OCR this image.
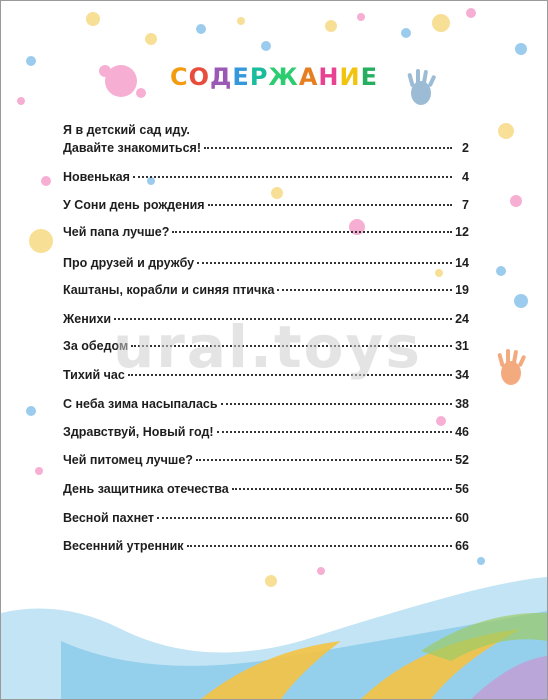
СОДЕРЖАНИЕ
Я в детский сад иду.
Давайте знакомиться!	2
Новенькая	4
У Сони день рождения	7
Чей папа лучше?	12
Про друзей и дружбу	14
Каштаны, корабли и синяя птичка	19
Женихи	24
За обедом	31
Тихий час	34
С неба зима насыпалась	38
Здравствуй, Новый год!	46
Чей питомец лучше?	52
День защитника отечества	56
Весной пахнет	60
Весенний утренник	66
ural.toys
